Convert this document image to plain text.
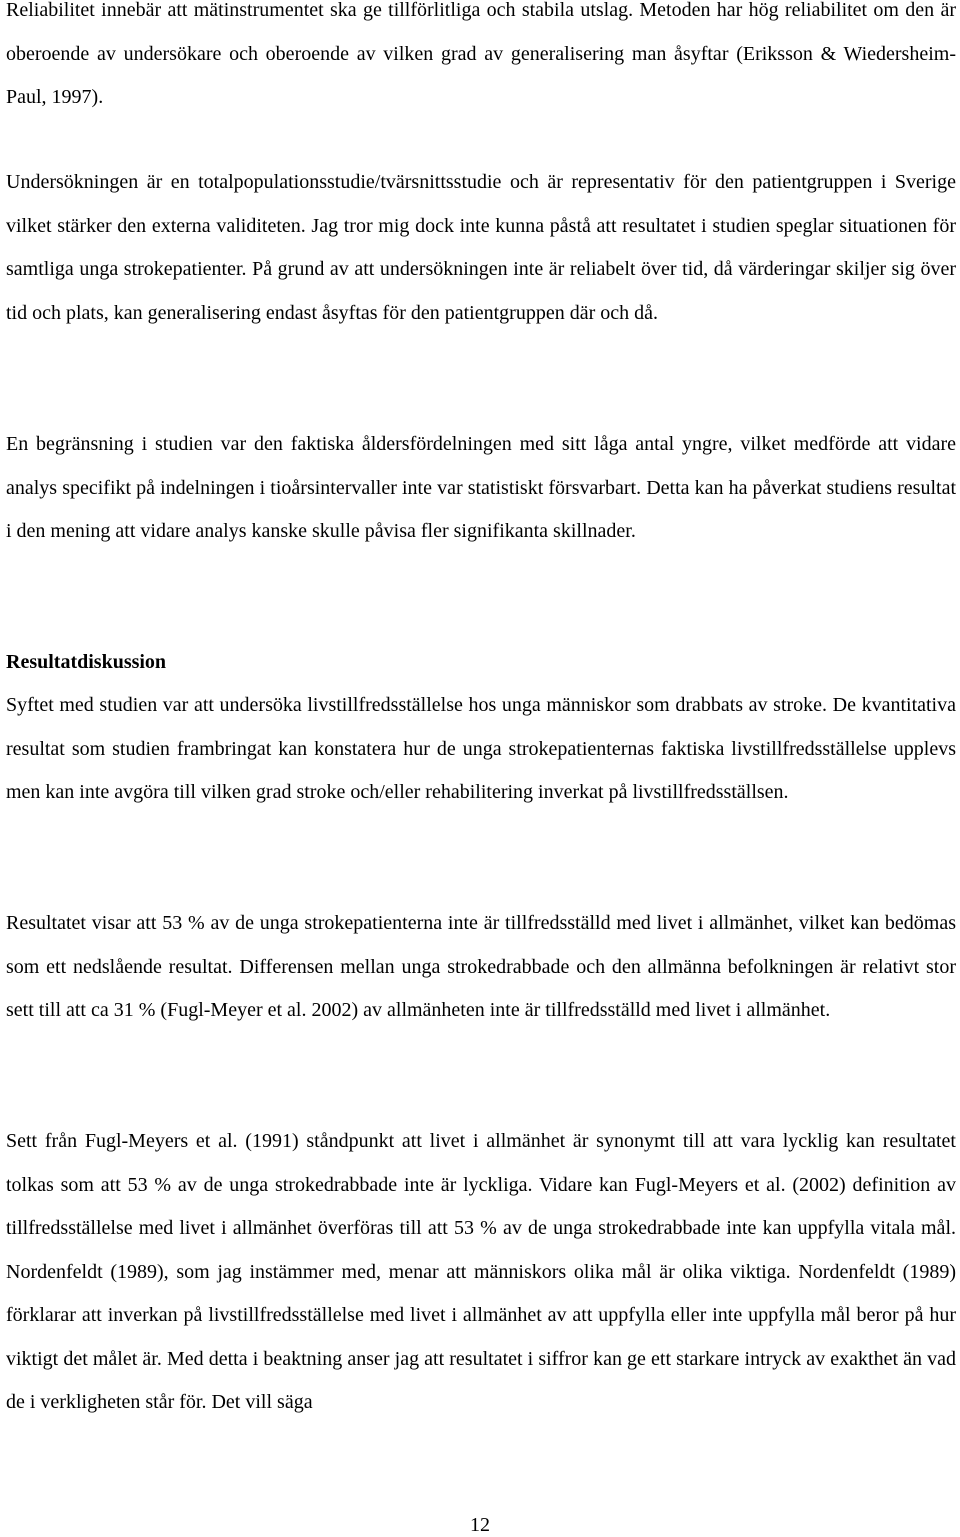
Reliabilitet innebär att mätinstrumentet ska ge tillförlitliga och stabila utslag. Metoden har hög reliabilitet om den är oberoende av undersökare och oberoende av vilken grad av generalisering man åsyftar (Eriksson & Wiedersheim-Paul, 1997).

Undersökningen är en totalpopulationsstudie/tvärsnittsstudie och är representativ för den patientgruppen i Sverige vilket stärker den externa validiteten. Jag tror mig dock inte kunna påstå att resultatet i studien speglar situationen för samtliga unga strokepatienter. På grund av att undersökningen inte är reliabelt över tid, då värderingar skiljer sig över tid och plats, kan generalisering endast åsyftas för den patientgruppen där och då.

En begränsning i studien var den faktiska åldersfördelningen med sitt låga antal yngre, vilket medförde att vidare analys specifikt på indelningen i tioårsintervaller inte var statistiskt försvarbart. Detta kan ha påverkat studiens resultat i den mening att vidare analys kanske skulle påvisa fler signifikanta skillnader.

Resultatdiskussion

Syftet med studien var att undersöka livstillfredsställelse hos unga människor som drabbats av stroke. De kvantitativa resultat som studien frambringat kan konstatera hur de unga strokepatienternas faktiska livstillfredsställelse upplevs men kan inte avgöra till vilken grad stroke och/eller rehabilitering inverkat på livstillfredsställsen.

Resultatet visar att 53 % av de unga strokepatienterna inte är tillfredsställd med livet i allmänhet, vilket kan bedömas som ett nedslående resultat. Differensen mellan unga strokedrabbade och den allmänna befolkningen är relativt stor sett till att ca 31 % (Fugl-Meyer et al. 2002) av allmänheten inte är tillfredsställd med livet i allmänhet.

Sett från Fugl-Meyers et al. (1991) ståndpunkt att livet i allmänhet är synonymt till att vara lycklig kan resultatet tolkas som att 53 % av de unga strokedrabbade inte är lyckliga. Vidare kan Fugl-Meyers et al. (2002) definition av tillfredsställelse med livet i allmänhet överföras till att 53 % av de unga strokedrabbade inte kan uppfylla vitala mål. Nordenfeldt (1989), som jag instämmer med, menar att människors olika mål är olika viktiga. Nordenfeldt (1989) förklarar att inverkan på livstillfredsställelse med livet i allmänhet av att uppfylla eller inte uppfylla mål beror på hur viktigt det målet är. Med detta i beaktning anser jag att resultatet i siffror kan ge ett starkare intryck av exakthet än vad de i verkligheten står för. Det vill säga

12
